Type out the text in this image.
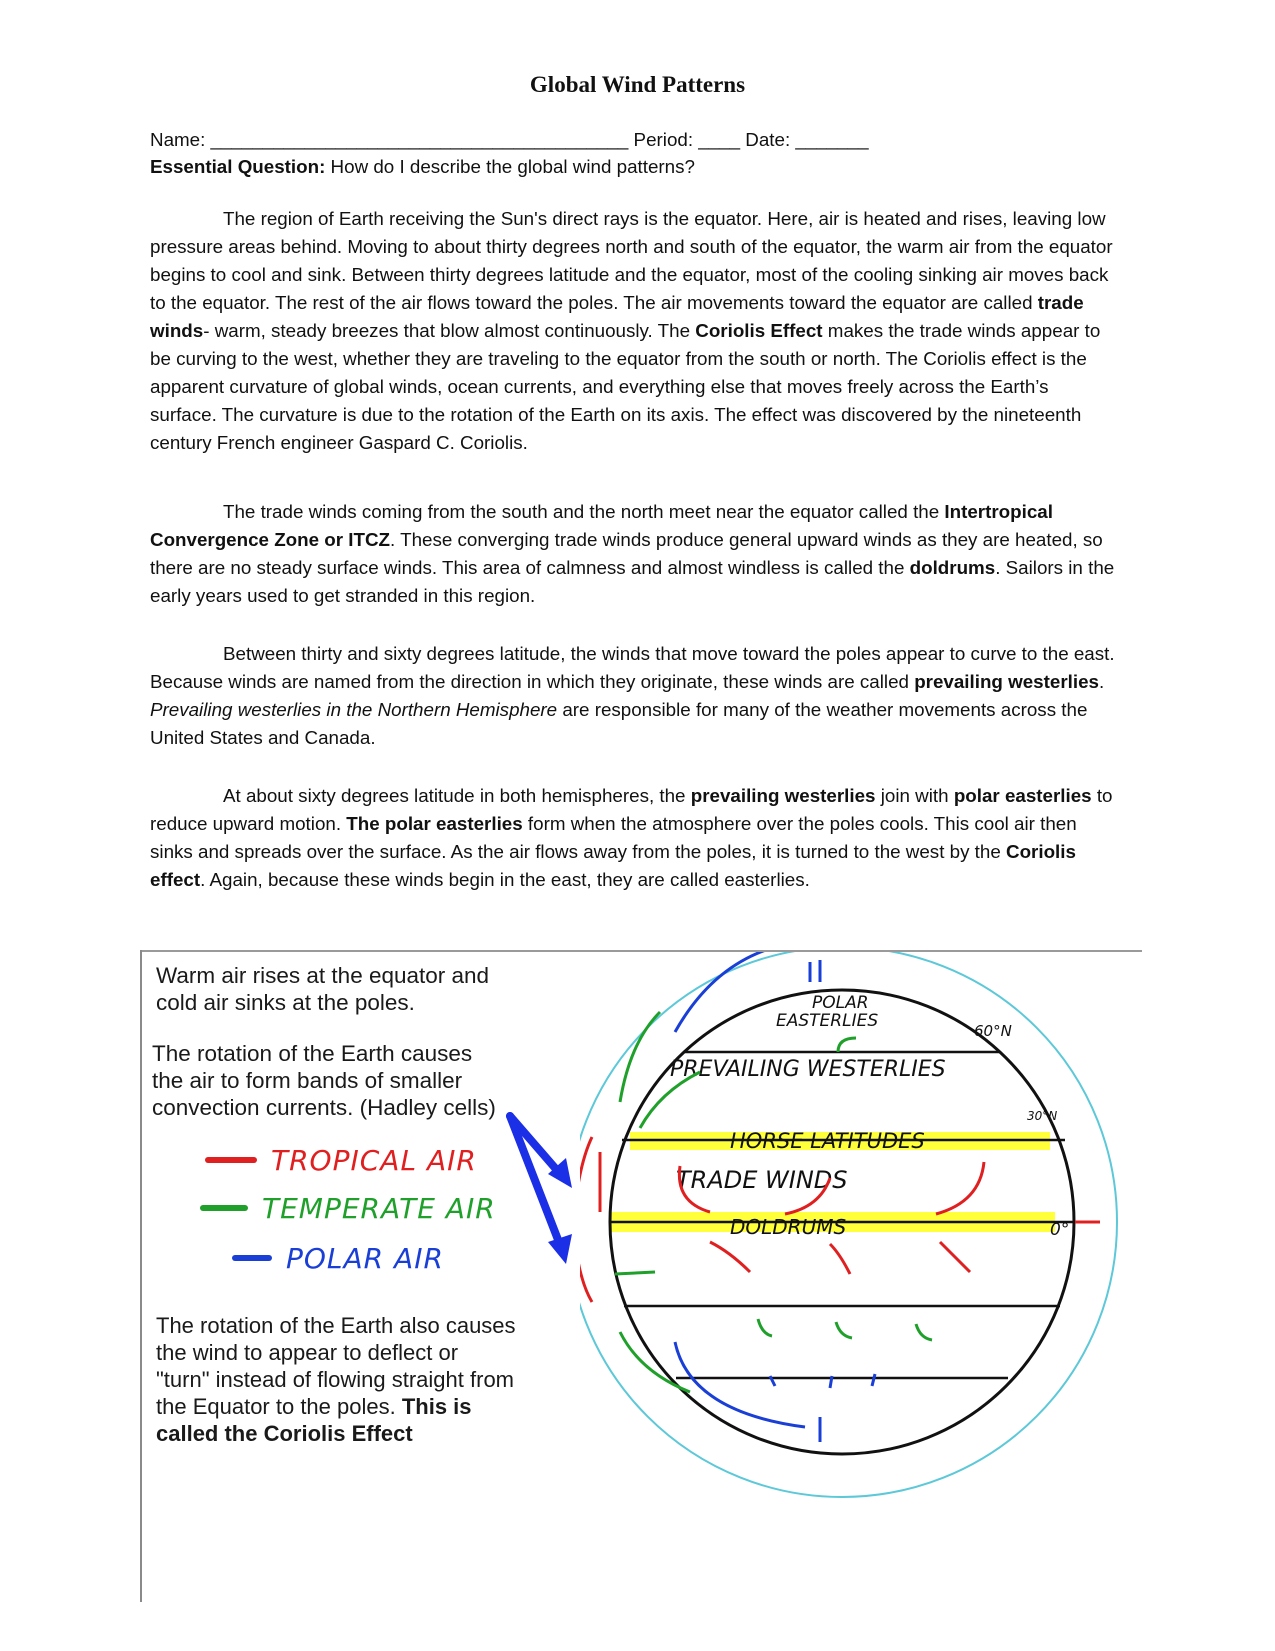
Global Wind Patterns
Name: ________________________________________ Period: ____ Date: _______
Essential Question: How do I describe the global wind patterns?

The region of Earth receiving the Sun's direct rays is the equator. Here, air is heated and rises, leaving low pressure areas behind. Moving to about thirty degrees north and south of the equator, the warm air from the equator begins to cool and sink. Between thirty degrees latitude and the equator, most of the cooling sinking air moves back to the equator. The rest of the air flows toward the poles. The air movements toward the equator are called trade winds- warm, steady breezes that blow almost continuously. The Coriolis Effect makes the trade winds appear to be curving to the west, whether they are traveling to the equator from the south or north. The Coriolis effect is the apparent curvature of global winds, ocean currents, and everything else that moves freely across the Earth’s surface. The curvature is due to the rotation of the Earth on its axis. The effect was discovered by the nineteenth century French engineer Gaspard C. Coriolis.

The trade winds coming from the south and the north meet near the equator called the Intertropical Convergence Zone or ITCZ. These converging trade winds produce general upward winds as they are heated, so there are no steady surface winds. This area of calmness and almost windless is called the doldrums. Sailors in the early years used to get stranded in this region.

Between thirty and sixty degrees latitude, the winds that move toward the poles appear to curve to the east. Because winds are named from the direction in which they originate, these winds are called prevailing westerlies. Prevailing westerlies in the Northern Hemisphere are responsible for many of the weather movements across the United States and Canada.

At about sixty degrees latitude in both hemispheres, the prevailing westerlies join with polar easterlies to reduce upward motion. The polar easterlies form when the atmosphere over the poles cools. This cool air then sinks and spreads over the surface. As the air flows away from the poles, it is turned to the west by the Coriolis effect. Again, because these winds begin in the east, they are called easterlies.

Warm air rises at the equator and
cold air sinks at the poles.
The rotation of the Earth causes
the air to form bands of smaller
convection currents. (Hadley cells)
TROPICAL AIR
TEMPERATE AIR
POLAR AIR
The rotation of the Earth also causes
the wind to appear to deflect or
"turn" instead of flowing straight from
the Equator to the poles. This is
called the Coriolis Effect
POLAR
EASTERLIES	60°N
PREVAILING WESTERLIES
HORSE LATITUDES
30°N
TRADE WINDS
DOLDRUMS	0°
